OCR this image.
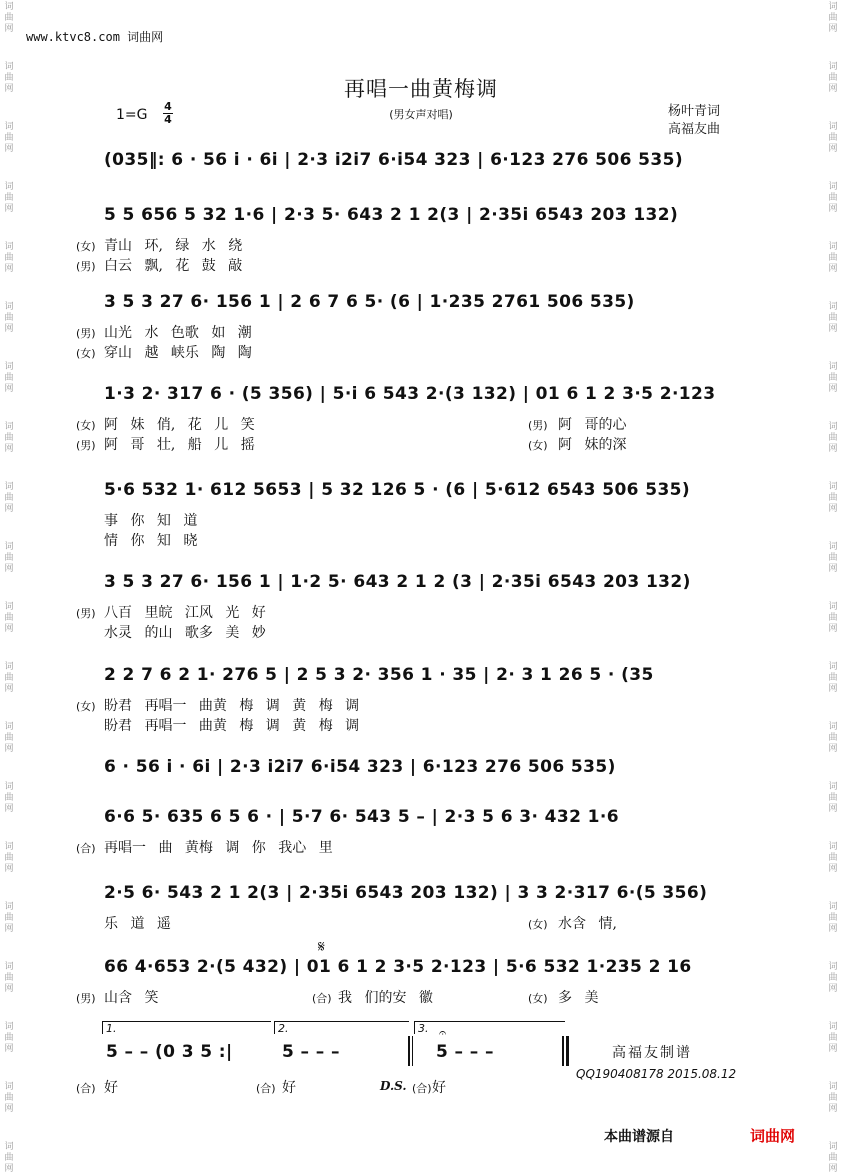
词
曲
网
词
曲
网
词
曲
网
词
曲
网
词
曲
网
词
曲
网
词
曲
网
词
曲
网
词
曲
网
词
曲
网
词
曲
网
词
曲
网
词
曲
网
词
曲
网
词
曲
网
词
曲
网
词
曲
网
词
曲
网
词
曲
网
词
曲
网
词
曲
网
词
曲
网
词
曲
网
词
曲
网
词
曲
网
词
曲
网
词
曲
网
词
曲
网
词
曲
网
词
曲
网
词
曲
网
词
曲
网
词
曲
网
词
曲
网
词
曲
网
词
曲
网
词
曲
网
词
曲
网
词
曲
网
词
曲
网
www.ktvc8.com 词曲网
再唱一曲黄梅调
(男女声对唱)
1=G
4
4
杨叶青词
高福友曲
(035‖: 6 · 56 i · 6i | 2·3 i2i7 6·i54 323 | 6·123 276 506 535)
5 5 656 5 32 1·6 | 2·3 5· 643 2 1 2(3 | 2·35i 6543 203 132)
(女) 青山 环, 绿 水 绕
(男) 白云 飘, 花 鼓 敲
3 5 3 27 6· 156 1 | 2 6 7 6 5· (6 | 1·235 2761 506 535)
(男) 山光 水 色歌 如 潮
(女) 穿山 越 峡乐 陶 陶
1·3 2· 317 6 · (5 356) | 5·i 6 543 2·(3 132) | 01 6 1 2 3·5 2·123
(女) 阿 妹 俏, 花 儿 笑
(男) 阿 哥 壮, 船 儿 摇
(男) 阿 哥的心
(女) 阿 妹的深
5·6 532 1· 612 5653 | 5 32 126 5 · (6 | 5·612 6543 506 535)
事 你 知 道
情 你 知 晓
3 5 3 27 6· 156 1 | 1·2 5· 643 2 1 2 (3 | 2·35i 6543 203 132)
(男) 八百 里皖 江风 光 好
水灵 的山 歌多 美 妙
2 2 7 6 2 1· 276 5 | 2 5 3 2· 356 1 · 35 | 2· 3 1 26 5 · (35
(女) 盼君 再唱一 曲黄 梅 调 黄 梅 调
盼君 再唱一 曲黄 梅 调 黄 梅 调
6 · 56 i · 6i | 2·3 i2i7 6·i54 323 | 6·123 276 506 535)
6·6 5· 635 6 5 6 · | 5·7 6· 543 5 – | 2·3 5 6 3· 432 1·6
(合) 再唱一 曲 黄梅 调 你 我心 里
2·5 6· 543 2 1 2(3 | 2·35i 6543 203 132) | 3 3 2·317 6·(5 356)
乐 道 遥	(女) 水含 情,
66 4·653 2·(5 432) | 01 6 1 2 3·5 2·123 | 5·6 532 1·235 2 16
(男) 山含 笑	(合) 我 们的安 徽	(女) 多 美
1.	2.	3.
5 – – (0 3 5 :|	5 – – –
𝄐
5 – – –
𝄋
(合) 好	(合) 好	D.S. (合) 好
高福友制谱
QQ190408178 2015.08.12
本曲谱源自	词曲网
